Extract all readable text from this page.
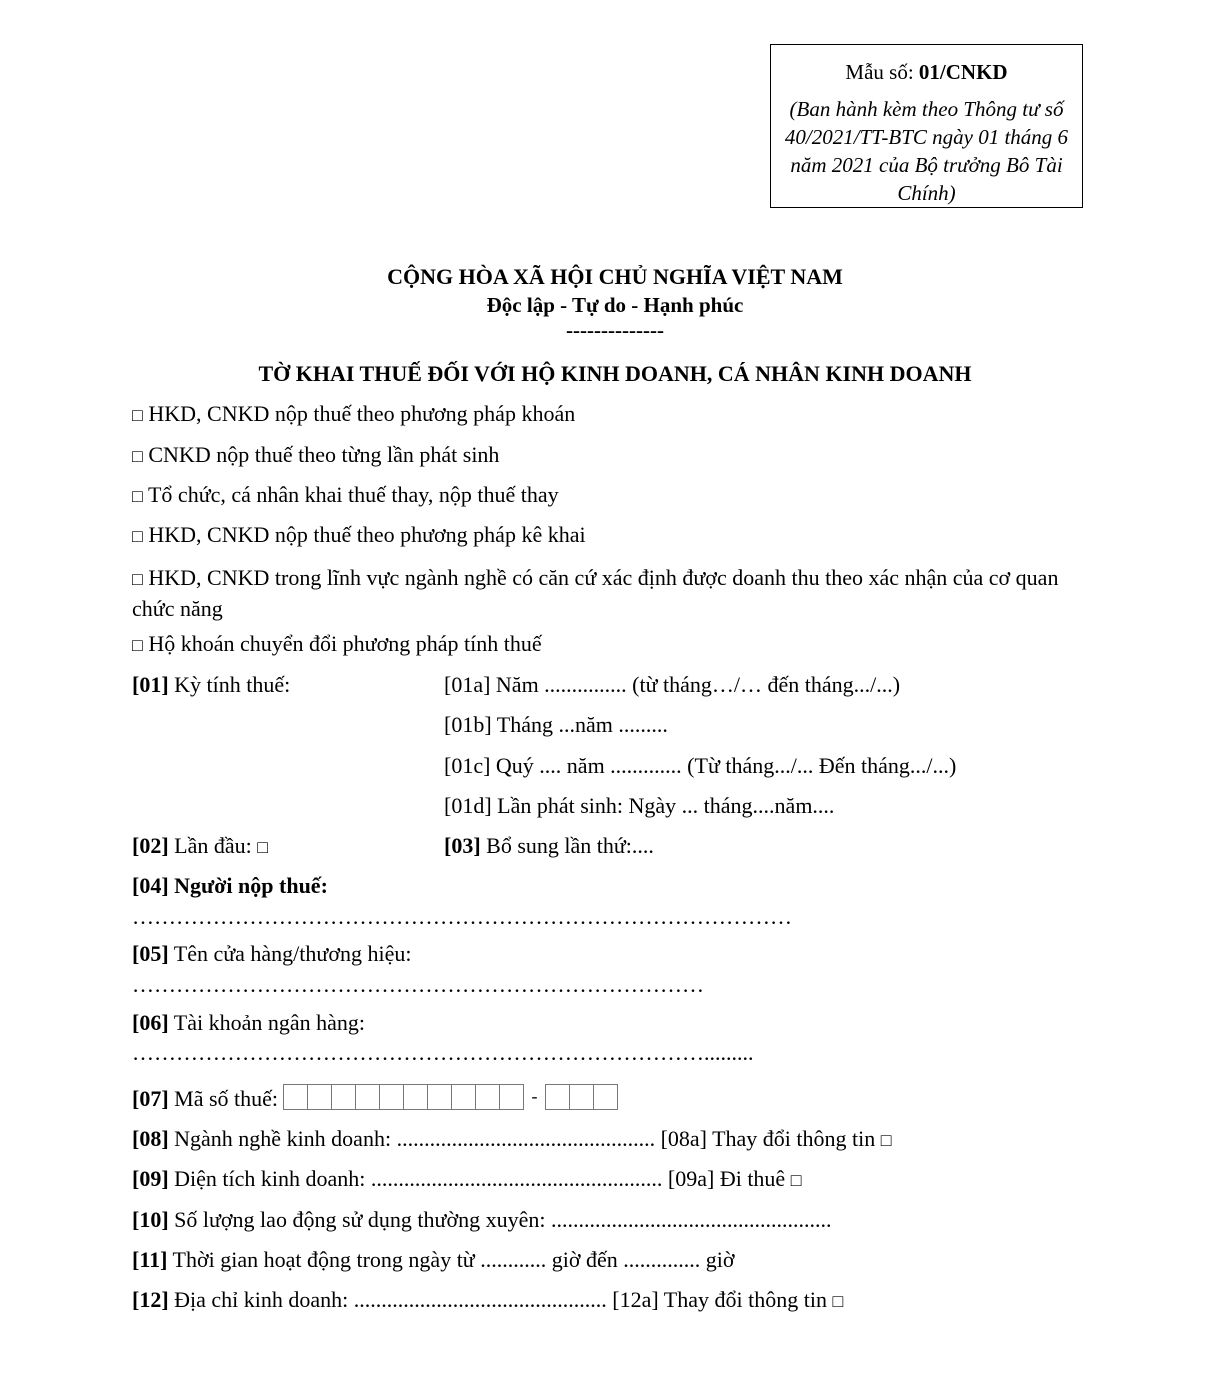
Mẫu số: 01/CNKD
(Ban hành kèm theo Thông tư số 40/2021/TT-BTC ngày 01 tháng 6 năm 2021 của Bộ trưởng Bô Tài Chính)
CỘNG HÒA XÃ HỘI CHỦ NGHĨA VIỆT NAM
Độc lập - Tự do - Hạnh phúc
--------------
TỜ KHAI THUẾ ĐỐI VỚI HỘ KINH DOANH, CÁ NHÂN KINH DOANH
□ HKD, CNKD nộp thuế theo phương pháp khoán
□ CNKD nộp thuế theo từng lần phát sinh
□ Tổ chức, cá nhân khai thuế thay, nộp thuế thay
□ HKD, CNKD nộp thuế theo phương pháp kê khai
□ HKD, CNKD trong lĩnh vực ngành nghề có căn cứ xác định được doanh thu theo xác nhận của cơ quan chức năng
□ Hộ khoán chuyển đổi phương pháp tính thuế
[01] Kỳ tính thuế:	[01a] Năm ............... (từ tháng…/… đến tháng.../...)
[01b] Tháng ...năm .........
[01c] Quý .... năm ............. (Từ tháng.../... Đến tháng.../...)
[01d] Lần phát sinh: Ngày ... tháng....năm....
[02] Lần đầu: □	[03] Bổ sung lần thứ:....
[04] Người nộp thuế:
………………………………………………………………………………
[05] Tên cửa hàng/thương hiệu:
……………………………………………………………………
[06] Tài khoản ngân hàng:
…………………………………………………………………….........
[07] Mã số thuế:	-
[08] Ngành nghề kinh doanh: ............................................... [08a] Thay đổi thông tin □
[09] Diện tích kinh doanh: ..................................................... [09a] Đi thuê □
[10] Số lượng lao động sử dụng thường xuyên: ...................................................
[11] Thời gian hoạt động trong ngày từ ............ giờ đến .............. giờ
[12] Địa chỉ kinh doanh: .............................................. [12a] Thay đổi thông tin □
